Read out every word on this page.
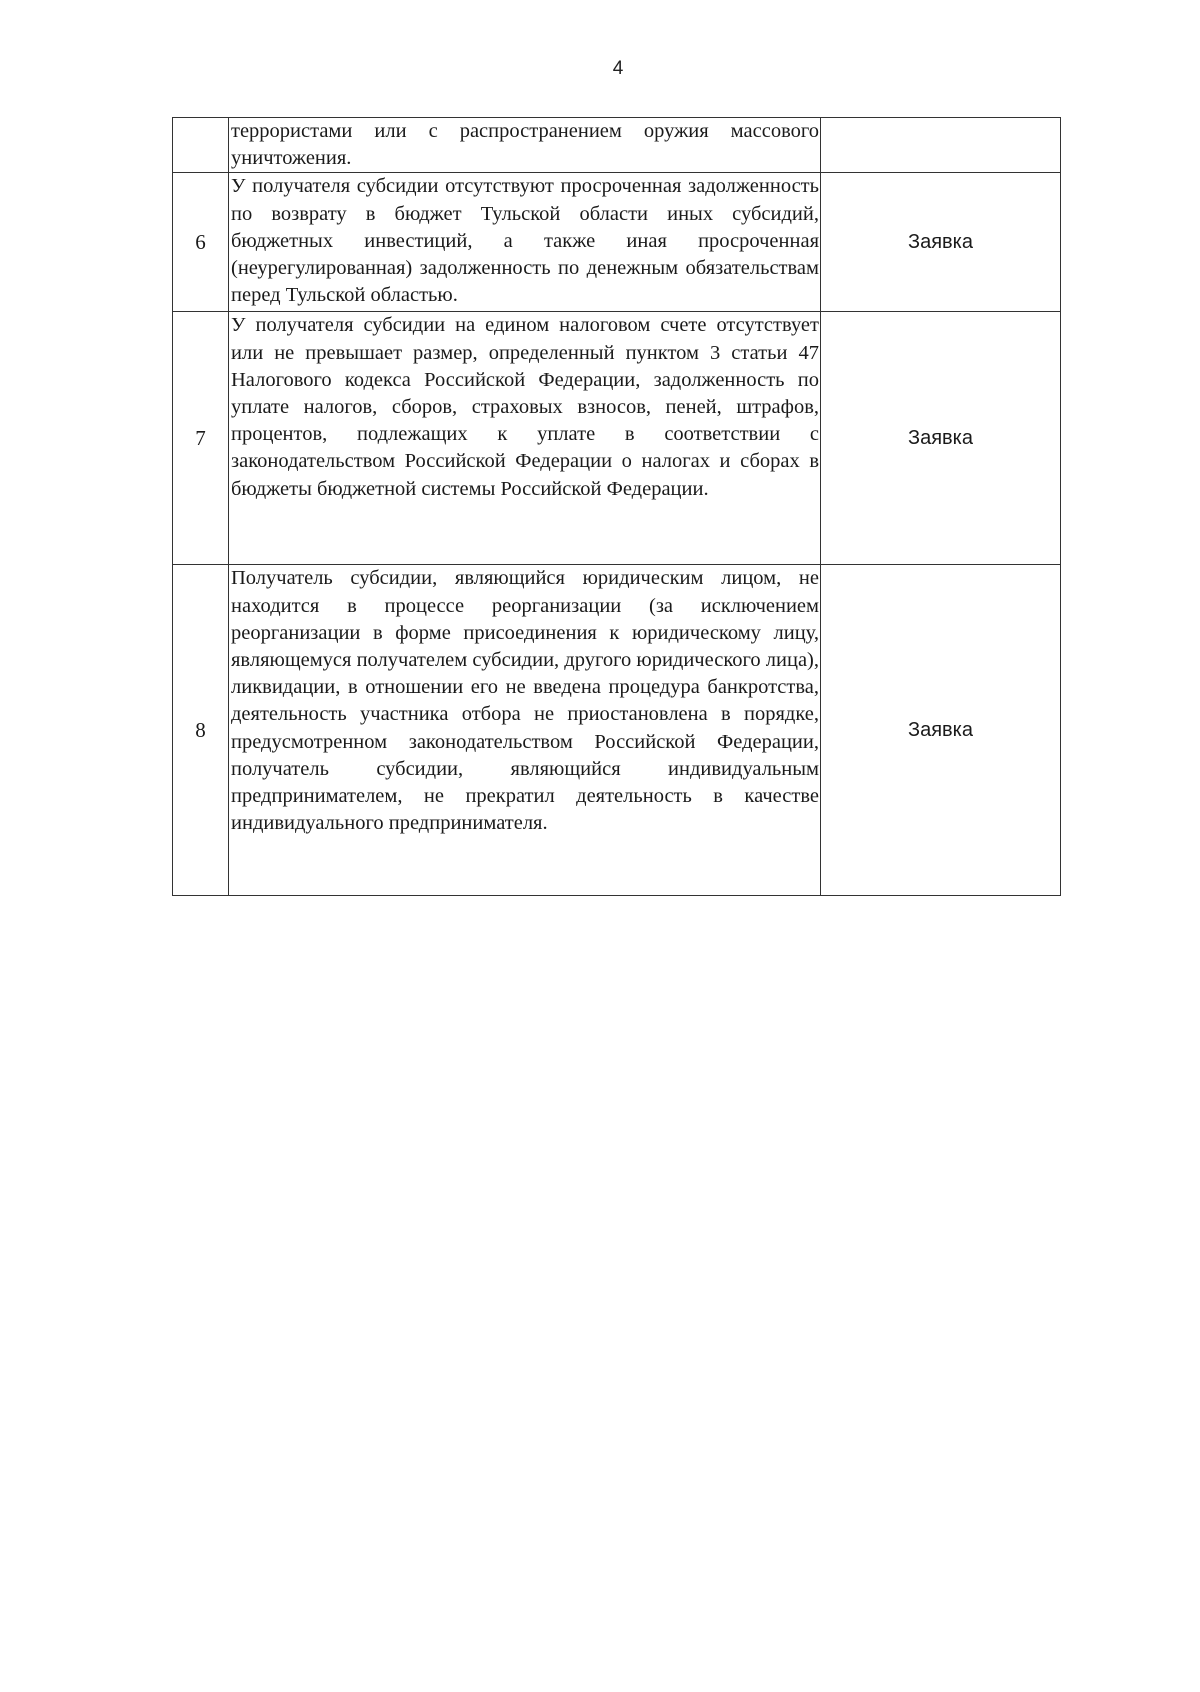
4
	террористами или с распространением оружия массового уничтожения.	
6	У получателя субсидии отсутствуют просроченная задолженность по возврату в бюджет Тульской области иных субсидий, бюджетных инвестиций, а также иная просроченная (неурегулированная) задолженность по денежным обязательствам перед Тульской областью.	Заявка
7	У получателя субсидии на едином налоговом счете отсутствует или не превышает размер, определенный пунктом 3 статьи 47 Налогового кодекса Российской Федерации, задолженность по уплате налогов, сборов, страховых взносов, пеней, штрафов, процентов, подлежащих к уплате в соответствии с законодательством Российской Федерации о налогах и сборах в бюджеты бюджетной системы Российской Федерации.	Заявка
8	Получатель субсидии, являющийся юридическим лицом, не находится в процессе реорганизации (за исключением реорганизации в форме присоединения к юридическому лицу, являющемуся получателем субсидии, другого юридического лица), ликвидации, в отношении его не введена процедура банкротства, деятельность участника отбора не приостановлена в порядке, предусмотренном законодательством Российской Федерации, получатель субсидии, являющийся индивидуальным предпринимателем, не прекратил деятельность в качестве индивидуального предпринимателя.	Заявка
